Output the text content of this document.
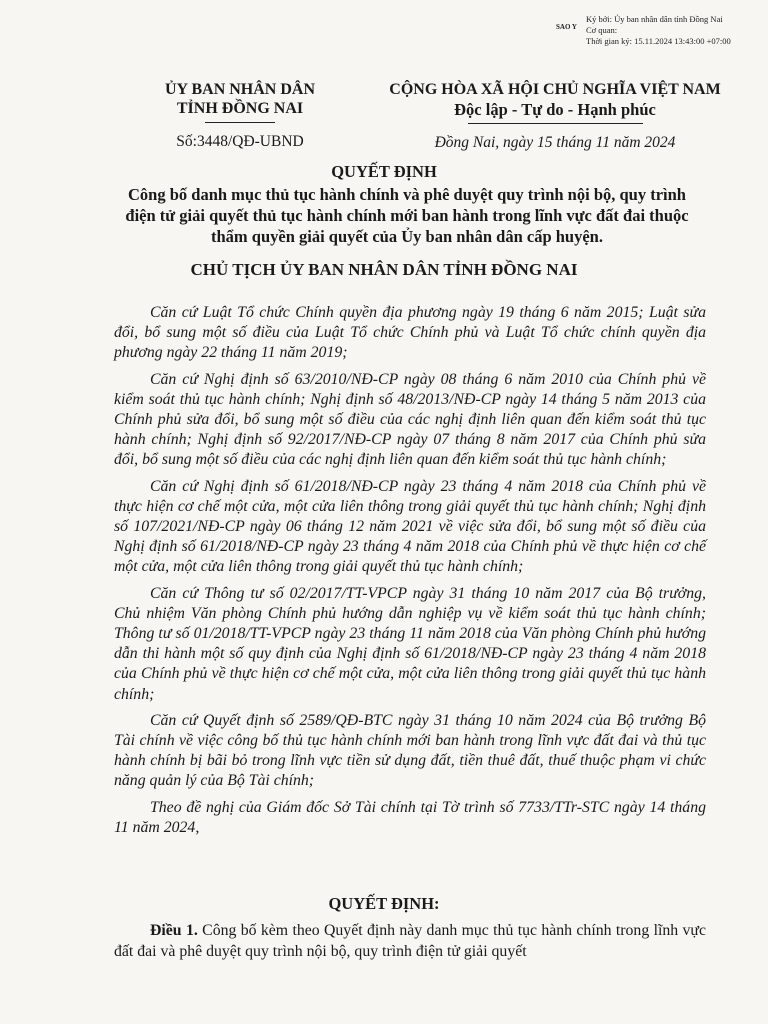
SAO Y
Ký bởi: Ủy ban nhân dân tỉnh Đồng Nai
Cơ quan:
Thời gian ký: 15.11.2024 13:43:00 +07:00
ỦY BAN NHÂN DÂN
TỈNH ĐỒNG NAI
Số:3448/QĐ-UBND
CỘNG HÒA XÃ HỘI CHỦ NGHĨA VIỆT NAM
Độc lập - Tự do - Hạnh phúc
Đồng Nai, ngày 15 tháng 11 năm 2024
QUYẾT ĐỊNH
Công bố danh mục thủ tục hành chính và phê duyệt quy trình nội bộ, quy trình điện tử giải quyết thủ tục hành chính mới ban hành trong lĩnh vực đất đai thuộc thẩm quyền giải quyết của Ủy ban nhân dân cấp huyện.
CHỦ TỊCH ỦY BAN NHÂN DÂN TỈNH ĐỒNG NAI

Căn cứ Luật Tổ chức Chính quyền địa phương ngày 19 tháng 6 năm 2015; Luật sửa đổi, bổ sung một số điều của Luật Tổ chức Chính phủ và Luật Tổ chức chính quyền địa phương ngày 22 tháng 11 năm 2019;

Căn cứ Nghị định số 63/2010/NĐ-CP ngày 08 tháng 6 năm 2010 của Chính phủ về kiểm soát thủ tục hành chính; Nghị định số 48/2013/NĐ-CP ngày 14 tháng 5 năm 2013 của Chính phủ sửa đổi, bổ sung một số điều của các nghị định liên quan đến kiểm soát thủ tục hành chính; Nghị định số 92/2017/NĐ-CP ngày 07 tháng 8 năm 2017 của Chính phủ sửa đổi, bổ sung một số điều của các nghị định liên quan đến kiểm soát thủ tục hành chính;

Căn cứ Nghị định số 61/2018/NĐ-CP ngày 23 tháng 4 năm 2018 của Chính phủ về thực hiện cơ chế một cửa, một cửa liên thông trong giải quyết thủ tục hành chính; Nghị định số 107/2021/NĐ-CP ngày 06 tháng 12 năm 2021 về việc sửa đổi, bổ sung một số điều của Nghị định số 61/2018/NĐ-CP ngày 23 tháng 4 năm 2018 của Chính phủ về thực hiện cơ chế một cửa, một cửa liên thông trong giải quyết thủ tục hành chính;

Căn cứ Thông tư số 02/2017/TT-VPCP ngày 31 tháng 10 năm 2017 của Bộ trưởng, Chủ nhiệm Văn phòng Chính phủ hướng dẫn nghiệp vụ về kiểm soát thủ tục hành chính; Thông tư số 01/2018/TT-VPCP ngày 23 tháng 11 năm 2018 của Văn phòng Chính phủ hướng dẫn thi hành một số quy định của Nghị định số 61/2018/NĐ-CP ngày 23 tháng 4 năm 2018 của Chính phủ về thực hiện cơ chế một cửa, một cửa liên thông trong giải quyết thủ tục hành chính;

Căn cứ Quyết định số 2589/QĐ-BTC ngày 31 tháng 10 năm 2024 của Bộ trưởng Bộ Tài chính về việc công bố thủ tục hành chính mới ban hành trong lĩnh vực đất đai và thủ tục hành chính bị bãi bỏ trong lĩnh vực tiền sử dụng đất, tiền thuê đất, thuế thuộc phạm vi chức năng quản lý của Bộ Tài chính;

Theo đề nghị của Giám đốc Sở Tài chính tại Tờ trình số 7733/TTr-STC ngày 14 tháng 11 năm 2024,

QUYẾT ĐỊNH:

Điều 1. Công bố kèm theo Quyết định này danh mục thủ tục hành chính trong lĩnh vực đất đai và phê duyệt quy trình nội bộ, quy trình điện tử giải quyết
